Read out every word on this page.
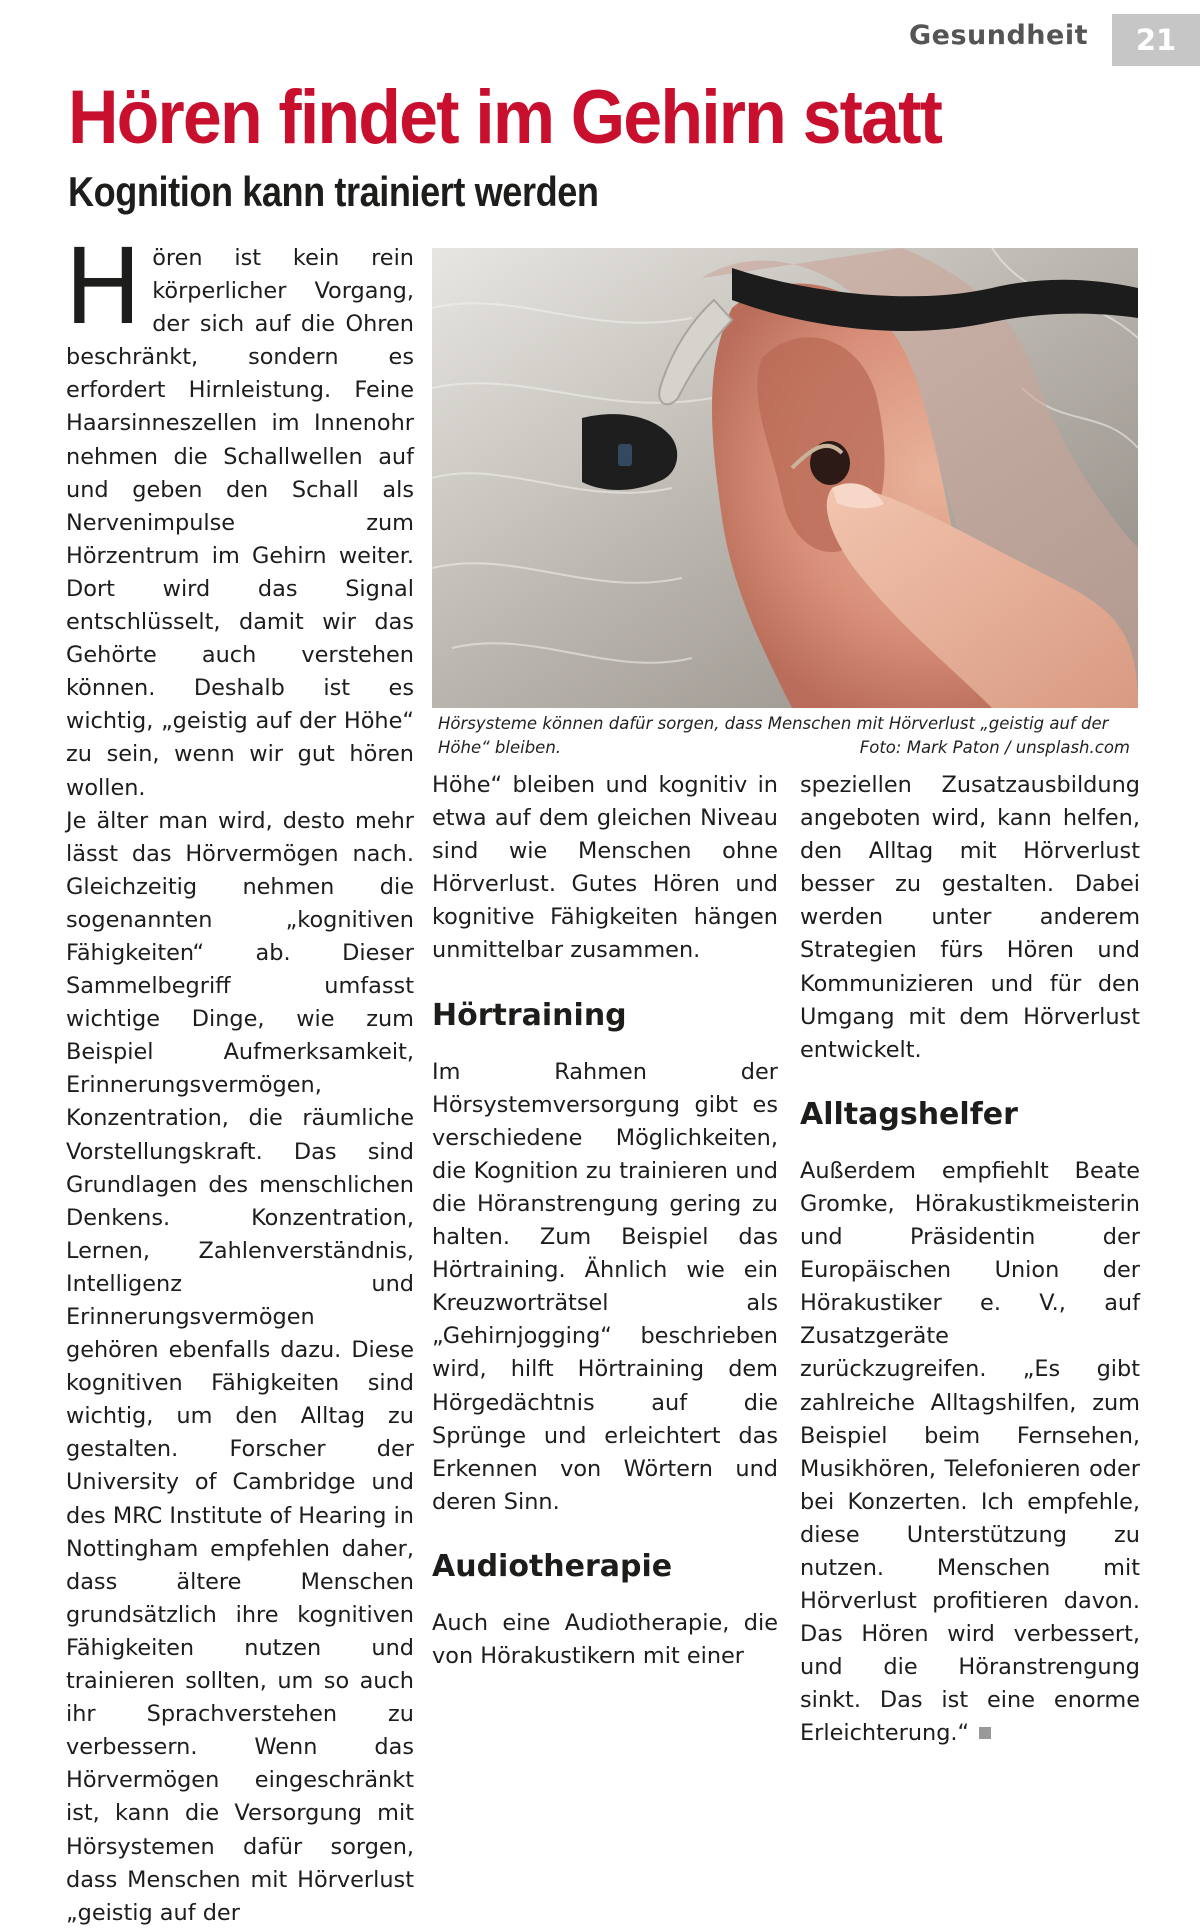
Gesundheit	21
Hören findet im Gehirn statt
Kognition kann trainiert werden

Hören ist kein rein körperlicher Vorgang, der sich auf die Ohren beschränkt, sondern es erfordert Hirnleistung. Feine Haarsinneszellen im Innenohr nehmen die Schallwellen auf und geben den Schall als Nervenimpulse zum Hörzentrum im Gehirn weiter. Dort wird das Signal entschlüsselt, damit wir das Gehörte auch verstehen können. Deshalb ist es wichtig, „geistig auf der Höhe“ zu sein, wenn wir gut hören wollen.

Je älter man wird, desto mehr lässt das Hörvermögen nach. Gleichzeitig nehmen die sogenannten „kognitiven Fähigkeiten“ ab. Dieser Sammelbegriff umfasst wichtige Dinge, wie zum Beispiel Aufmerksamkeit, Erinnerungsvermögen, Konzentration, die räumliche Vorstellungskraft. Das sind Grundlagen des menschlichen Denkens. Konzentration, Lernen, Zahlenverständnis, Intelligenz und Erinnerungsvermögen gehören ebenfalls dazu. Diese kognitiven Fähigkeiten sind wichtig, um den Alltag zu gestalten. Forscher der University of Cambridge und des MRC Institute of Hearing in Nottingham empfehlen daher, dass ältere Menschen grundsätzlich ihre kognitiven Fähigkeiten nutzen und trainieren sollten, um so auch ihr Sprachverstehen zu verbessern. Wenn das Hörvermögen eingeschränkt ist, kann die Versorgung mit Hörsystemen dafür sorgen, dass Menschen mit Hörverlust „geistig auf der

Hörsysteme können dafür sorgen, dass Menschen mit Hörverlust „geistig auf der Höhe“ bleiben.	Foto: Mark Paton / unsplash.com

Höhe“ bleiben und kognitiv in etwa auf dem gleichen Niveau sind wie Menschen ohne Hörverlust. Gutes Hören und kognitive Fähigkeiten hängen unmittelbar zusammen.

Hörtraining

Im Rahmen der Hörsystemversorgung gibt es verschiedene Möglichkeiten, die Kognition zu trainieren und die Höranstrengung gering zu halten. Zum Beispiel das Hörtraining. Ähnlich wie ein Kreuzworträtsel als „Gehirnjogging“ beschrieben wird, hilft Hörtraining dem Hörgedächtnis auf die Sprünge und erleichtert das Erkennen von Wörtern und deren Sinn.

Audiotherapie

Auch eine Audiotherapie, die von Hörakustikern mit einer

speziellen Zusatzausbildung angeboten wird, kann helfen, den Alltag mit Hörverlust besser zu gestalten. Dabei werden unter anderem Strategien fürs Hören und Kommunizieren und für den Umgang mit dem Hörverlust entwickelt.

Alltagshelfer

Außerdem empfiehlt Beate Gromke, Hörakustikmeisterin und Präsidentin der Europäischen Union der Hörakustiker e. V., auf Zusatzgeräte zurückzugreifen. „Es gibt zahlreiche Alltagshilfen, zum Beispiel beim Fernsehen, Musikhören, Telefonieren oder bei Konzerten. Ich empfehle, diese Unterstützung zu nutzen. Menschen mit Hörverlust profitieren davon. Das Hören wird verbessert, und die Höranstrengung sinkt. Das ist eine enorme Erleichterung.“
